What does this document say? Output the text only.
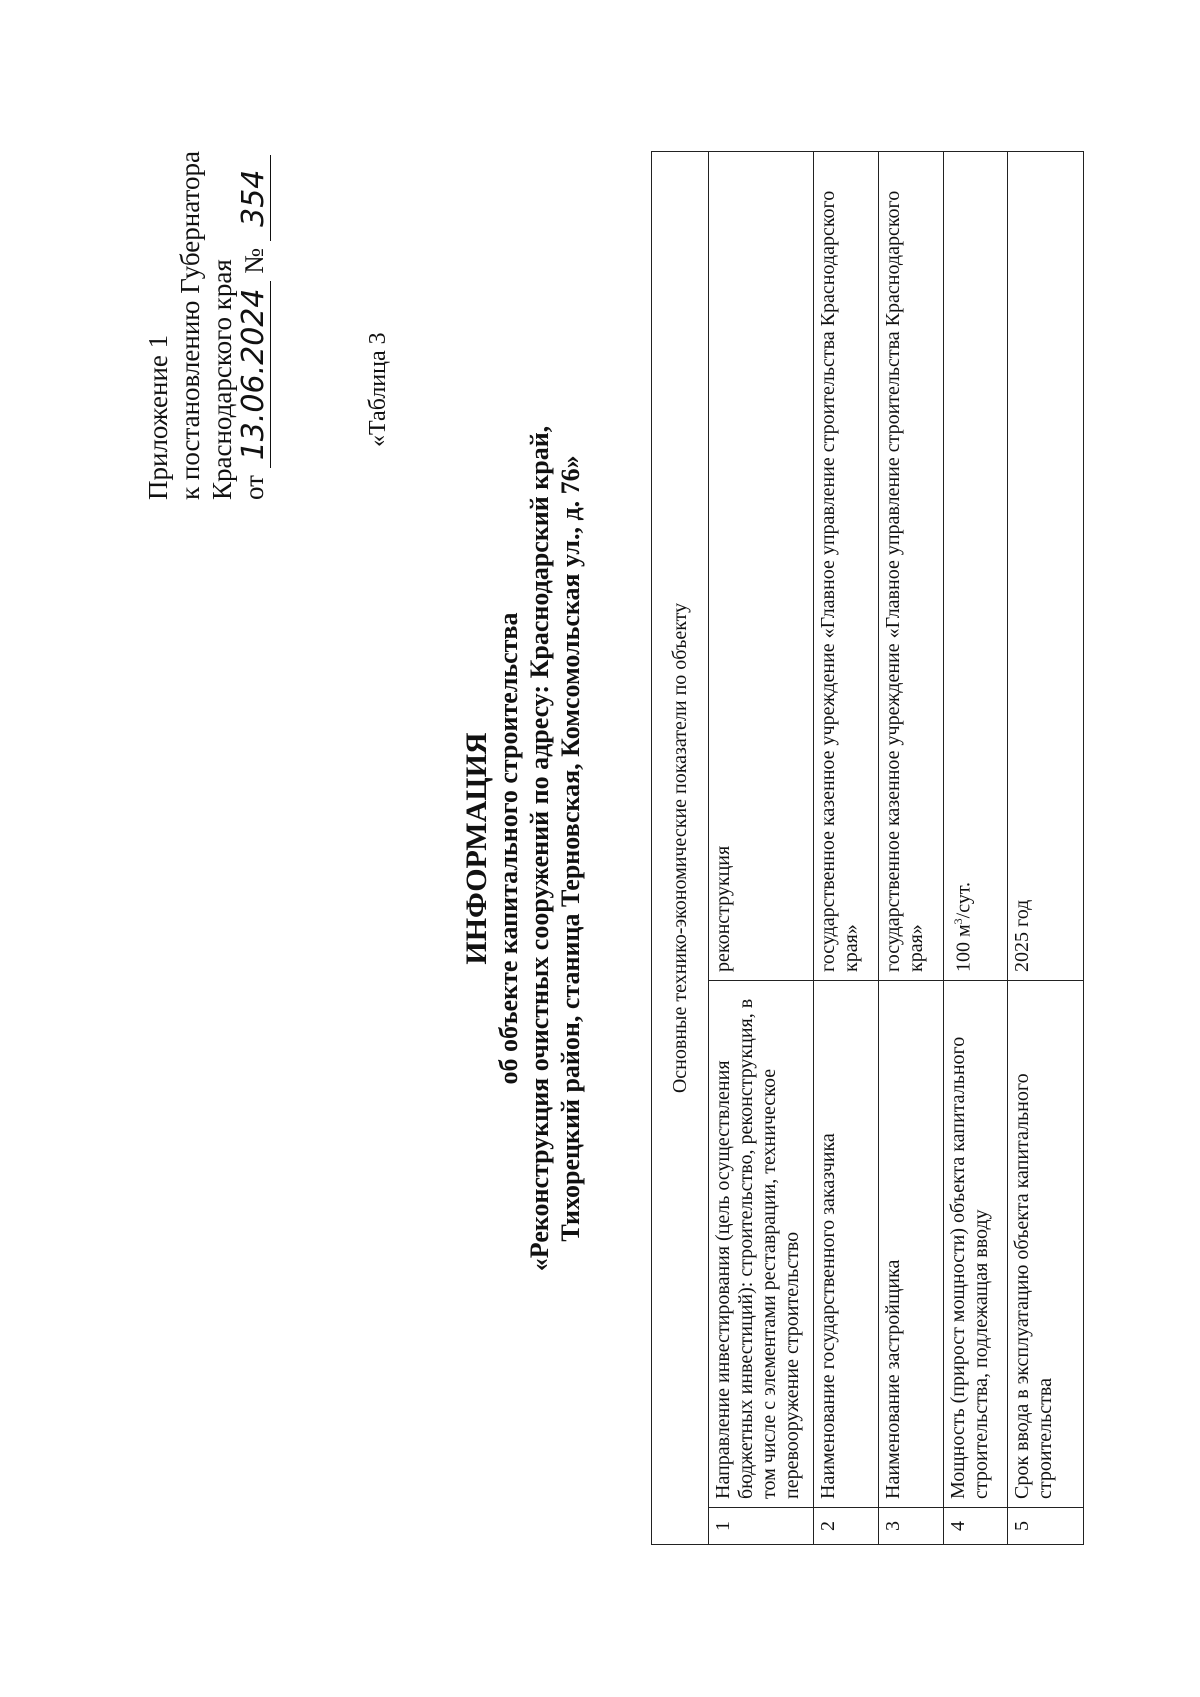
Приложение 1 к постановлению Губернатора Краснодарского края от 13.06.2024 № 354
«Таблица 3
ИНФОРМАЦИЯ об объекте капитального строительства «Реконструкция очистных сооружений по адресу: Краснодарский край, Тихорецкий район, станица Терновская, Комсомольская ул., д. 76»	Основные технико-экономические показатели по объекту		
1	Направление инвестирования (цель осуществления бюджетных инвестиций): строительство, реконструкция, в том числе с элементами реставрации, техническое перевооружение строительство	реконструкция
2	Наименование государственного заказчика	государственное казенное учреждение «Главное управление строительства Краснодарского края»
3	Наименование застройщика	государственное казенное учреждение «Главное управление строительства Краснодарского края»
4	Мощность (прирост мощности) объекта капитального строительства, подлежащая вводу	100 $м^3$/сут.
5	Срок ввода в эксплуатацию объекта капитального строительства	2025 год
